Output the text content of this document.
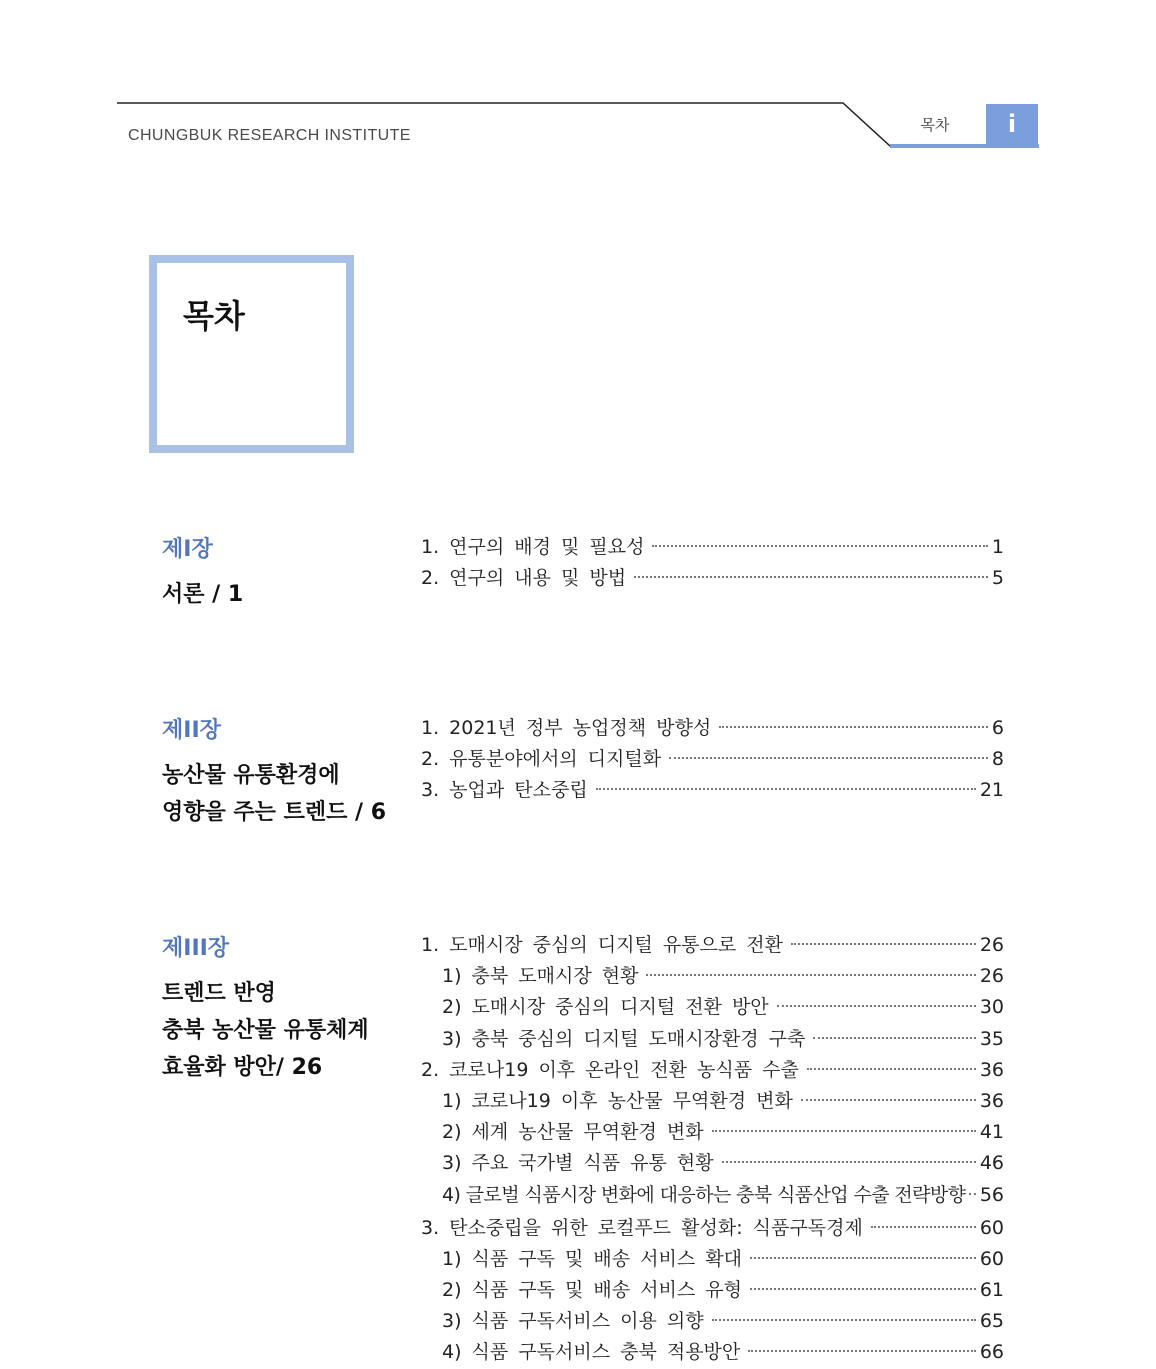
CHUNGBUK RESEARCH INSTITUTE
목차	i
목차
제I장
서론 / 1
1. 연구의 배경 및 필요성	1
2. 연구의 내용 및 방법	5
제II장
농산물 유통환경에
영향을 주는 트렌드 / 6
1. 2021년 정부 농업정책 방향성	6
2. 유통분야에서의 디지털화	8
3. 농업과 탄소중립	21
제III장
트렌드 반영
충북 농산물 유통체계
효율화 방안/ 26
1. 도매시장 중심의 디지털 유통으로 전환	26
1) 충북 도매시장 현황	26
2) 도매시장 중심의 디지털 전환 방안	30
3) 충북 중심의 디지털 도매시장환경 구축	35
2. 코로나19 이후 온라인 전환 농식품 수출	36
1) 코로나19 이후 농산물 무역환경 변화	36
2) 세계 농산물 무역환경 변화	41
3) 주요 국가별 식품 유통 현황	46
4) 글로벌 식품시장 변화에 대응하는 충북 식품산업 수출 전략방향 56
3. 탄소중립을 위한 로컬푸드 활성화: 식품구독경제	60
1) 식품 구독 및 배송 서비스 확대	60
2) 식품 구독 및 배송 서비스 유형	61
3) 식품 구독서비스 이용 의향	65
4) 식품 구독서비스 충북 적용방안	66
